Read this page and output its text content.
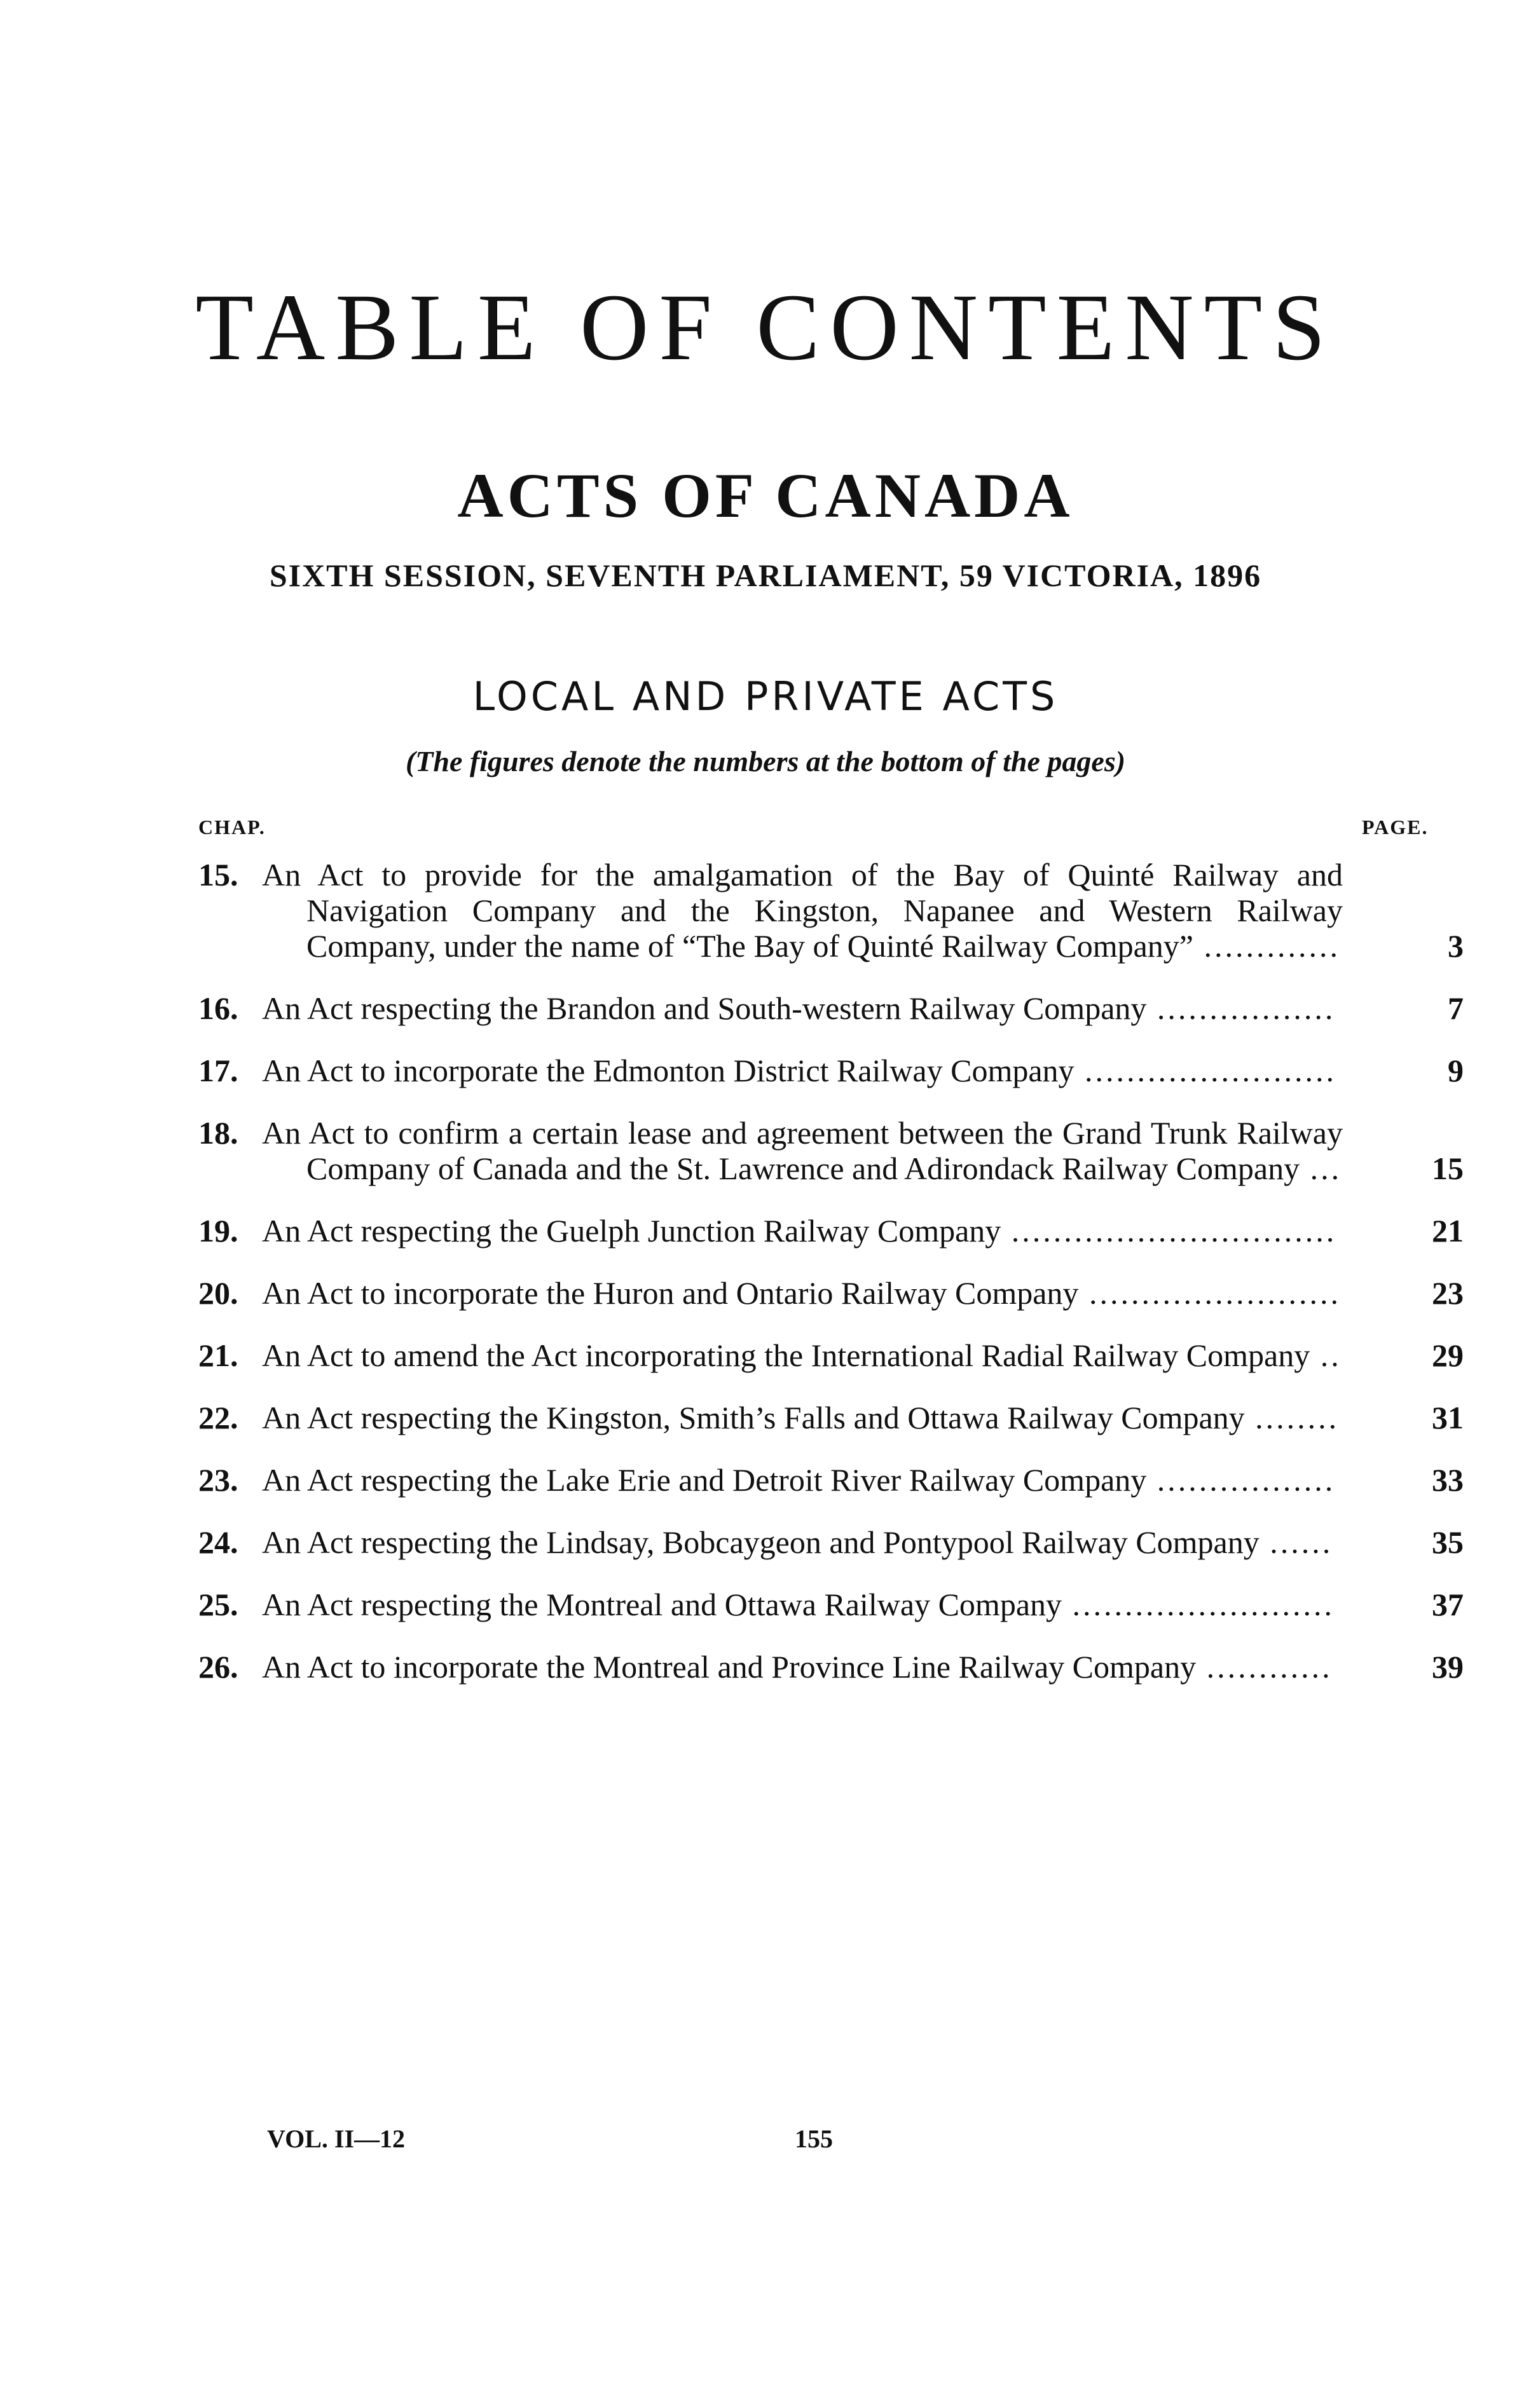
TABLE OF CONTENTS
ACTS OF CANADA
SIXTH SESSION, SEVENTH PARLIAMENT, 59 VICTORIA, 1896
LOCAL AND PRIVATE ACTS
(The figures denote the numbers at the bottom of the pages)
CHAP.	PAGE.
15. An Act to provide for the amalgamation of the Bay of Quinté Railway and Navigation Company and the Kingston, Napanee and Western Railway Company, under the name of “The Bay of Quinté Railway Company” .............	3
16. An Act respecting the Brandon and South-western Railway Company .................	7
17. An Act to incorporate the Edmonton District Railway Company ........................	9
18. An Act to confirm a certain lease and agreement between the Grand Trunk Railway Company of Canada and the St. Lawrence and Adirondack Railway Company ...	15
19. An Act respecting the Guelph Junction Railway Company ...............................	21
20. An Act to incorporate the Huron and Ontario Railway Company ........................	23
21. An Act to amend the Act incorporating the International Radial Railway Company ..	29
22. An Act respecting the Kingston, Smith’s Falls and Ottawa Railway Company ........	31
23. An Act respecting the Lake Erie and Detroit River Railway Company .................	33
24. An Act respecting the Lindsay, Bobcaygeon and Pontypool Railway Company ......	35
25. An Act respecting the Montreal and Ottawa Railway Company .........................	37
26. An Act to incorporate the Montreal and Province Line Railway Company ............	39
VOL. II—12	155
